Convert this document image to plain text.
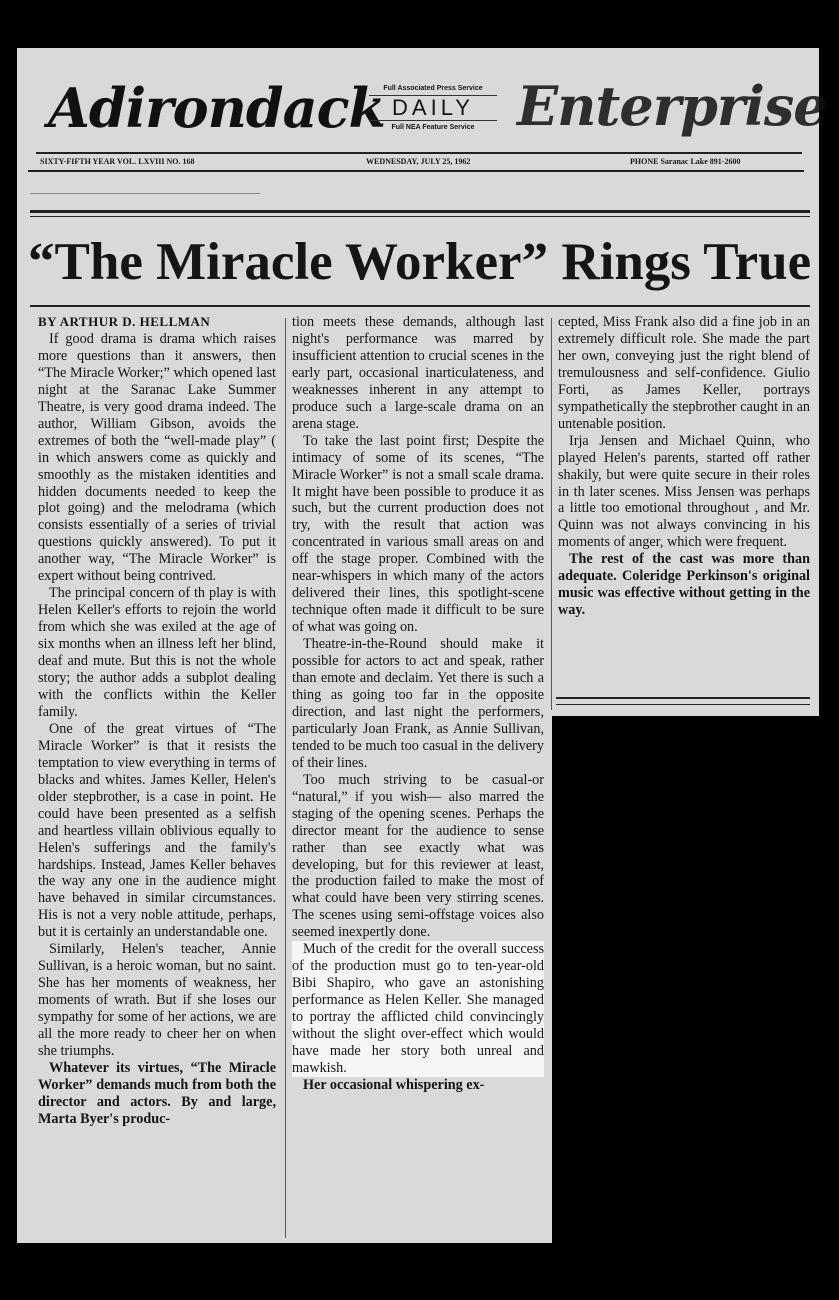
Adirondack
Full Associated Press Service
DAILY
Full NEA Feature Service Enterprise
SIXTY-FIFTH YEAR VOL. LXVIII NO. 168	WEDNESDAY, JULY 25, 1962	PHONE Saranac Lake 891-2600
“The Miracle Worker” Rings True
BY ARTHUR D. HELLMAN

If good drama is drama which raises more questions than it answers, then “The Miracle Worker;” which opened last night at the Saranac Lake Summer Theatre, is very good drama indeed. The author, William Gibson, avoids the extremes of both the “well-made play” ( in which answers come as quickly and smoothly as the mistaken identities and hidden documents needed to keep the plot going) and the melodrama (which consists essentially of a series of trivial questions quickly answered). To put it another way, “The Miracle Worker” is expert without being contrived.

The principal concern of th play is with Helen Keller's efforts to rejoin the world from which she was exiled at the age of six months when an illness left her blind, deaf and mute. But this is not the whole story; the author adds a subplot dealing with the conflicts within the Keller family.

One of the great virtues of “The Miracle Worker” is that it resists the temptation to view everything in terms of blacks and whites. James Keller, Helen's older stepbrother, is a case in point. He could have been presented as a selfish and heartless villain oblivious equally to Helen's sufferings and the family's hardships. Instead, James Keller behaves the way any one in the audience might have behaved in similar circumstances. His is not a very noble attitude, perhaps, but it is certainly an understandable one.

Similarly, Helen's teacher, Annie Sullivan, is a heroic woman, but no saint. She has her moments of weakness, her moments of wrath. But if she loses our sympathy for some of her actions, we are all the more ready to cheer her on when she triumphs.

Whatever its virtues, “The Miracle Worker” demands much from both the director and actors. By and large, Marta Byer's produc-

tion meets these demands, although last night's performance was marred by insufficient attention to crucial scenes in the early part, occasional inarticulateness, and weaknesses inherent in any attempt to produce such a large-scale drama on an arena stage.

To take the last point first; Despite the intimacy of some of its scenes, “The Miracle Worker” is not a small scale drama. It might have been possible to produce it as such, but the current production does not try, with the result that action was concentrated in various small areas on and off the stage proper. Combined with the near-whispers in which many of the actors delivered their lines, this spotlight-scene technique often made it difficult to be sure of what was going on.

Theatre-in-the-Round should make it possible for actors to act and speak, rather than emote and declaim. Yet there is such a thing as going too far in the opposite direction, and last night the performers, particularly Joan Frank, as Annie Sullivan, tended to be much too casual in the delivery of their lines.

Too much striving to be casual-or “natural,” if you wish— also marred the staging of the opening scenes. Perhaps the director meant for the audience to sense rather than see exactly what was developing, but for this reviewer at least, the production failed to make the most of what could have been very stirring scenes. The scenes using semi-offstage voices also seemed inexpertly done.

Much of the credit for the overall success of the production must go to ten-year-old Bibi Shapiro, who gave an astonishing performance as Helen Keller. She managed to portray the afflicted child convincingly without the slight over-effect which would have made her story both unreal and mawkish.

Her occasional whispering ex-

cepted, Miss Frank also did a fine job in an extremely difficult role. She made the part her own, conveying just the right blend of tremulousness and self-confidence. Giulio Forti, as James Keller, portrays sympathetically the stepbrother caught in an untenable position.

Irja Jensen and Michael Quinn, who played Helen's parents, started off rather shakily, but were quite secure in their roles in th later scenes. Miss Jensen was perhaps a little too emotional throughout , and Mr. Quinn was not always convincing in his moments of anger, which were frequent.

The rest of the cast was more than adequate. Coleridge Perkinson's original music was effective without getting in the way.
